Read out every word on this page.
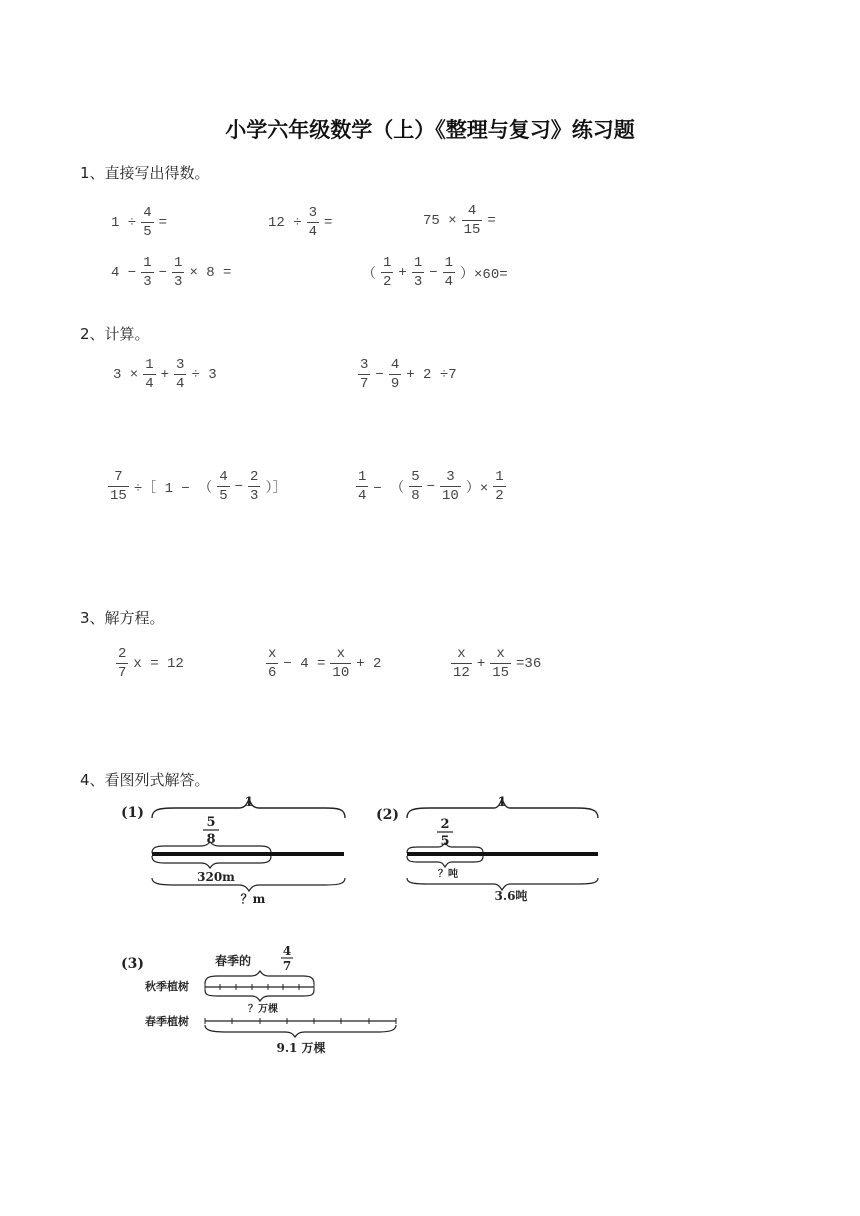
小学六年级数学（上）《整理与复习》练习题
1、直接写出得数。
$1 \div \frac{4}{5}$ =	$12 \div \frac{3}{4}$ =	$75 \times \frac{4}{15}$ =
$4 - \frac{1}{3} - \frac{1}{3} \times 8$ =	（ $\frac{1}{2} + \frac{1}{3} - \frac{1}{4} )\times 60=$
2、计算。
$3 \times \frac{1}{4} + \frac{3}{4} \div 3$	$\frac{3}{7} - \frac{4}{9} + 2 \div 7$
$\frac{7}{15}$ ÷［ 1 − （ $\frac{4}{5} - \frac{2}{3}$ ）］	$\frac{1}{4}$ − （ $\frac{5}{8} - \frac{3}{10}$ ）× $\frac{1}{2}$
3、解方程。
$\frac{2}{7}$ x = 12	$\frac{x}{6} - 4 = \frac{x}{10} + 2$	$\frac{x}{12} + \frac{x}{15} =36$
4、看图列式解答。
(1)
1
5
8
320m
？m
(2)
1
2
5
？吨
3.6吨
(3)	春季的
4
7
秋季植树
？万棵
春季植树
9.1 万棵
